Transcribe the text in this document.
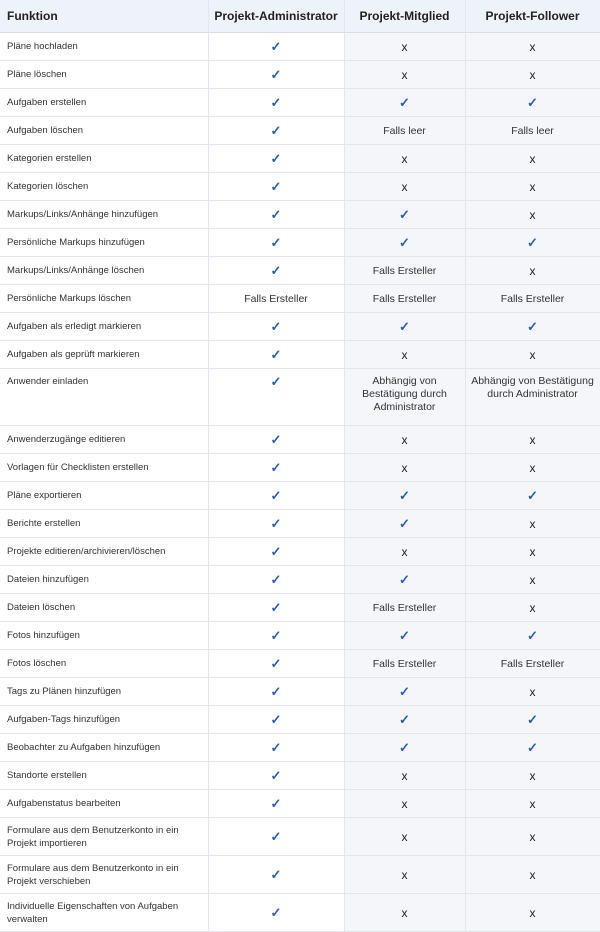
Funktion	Projekt-Administrator	Projekt-Mitglied	Projekt-Follower
Pläne hochladen	✓	x	x
Pläne löschen	✓	x	x
Aufgaben erstellen	✓	✓	✓
Aufgaben löschen	✓	Falls leer	Falls leer
Kategorien erstellen	✓	x	x
Kategorien löschen	✓	x	x
Markups/Links/Anhänge hinzufügen	✓	✓	x
Persönliche Markups hinzufügen	✓	✓	✓
Markups/Links/Anhänge löschen	✓	Falls Ersteller	x
Persönliche Markups löschen	Falls Ersteller	Falls Ersteller	Falls Ersteller
Aufgaben als erledigt markieren	✓	✓	✓
Aufgaben als geprüft markieren	✓	x	x
Anwender einladen	✓	Abhängig von Bestätigung durch Administrator	Abhängig von Bestätigung durch Administrator
Anwenderzugänge editieren	✓	x	x
Vorlagen für Checklisten erstellen	✓	x	x
Pläne exportieren	✓	✓	✓
Berichte erstellen	✓	✓	x
Projekte editieren/archivieren/löschen	✓	x	x
Dateien hinzufügen	✓	✓	x
Dateien löschen	✓	Falls Ersteller	x
Fotos hinzufügen	✓	✓	✓
Fotos löschen	✓	Falls Ersteller	Falls Ersteller
Tags zu Plänen hinzufügen	✓	✓	x
Aufgaben-Tags hinzufügen	✓	✓	✓
Beobachter zu Aufgaben hinzufügen	✓	✓	✓
Standorte erstellen	✓	x	x
Aufgabenstatus bearbeiten	✓	x	x
Formulare aus dem Benutzerkonto in ein Projekt importieren	✓	x	x
Formulare aus dem Benutzerkonto in ein Projekt verschieben	✓	x	x
Individuelle Eigenschaften von Aufgaben verwalten	✓	x	x
